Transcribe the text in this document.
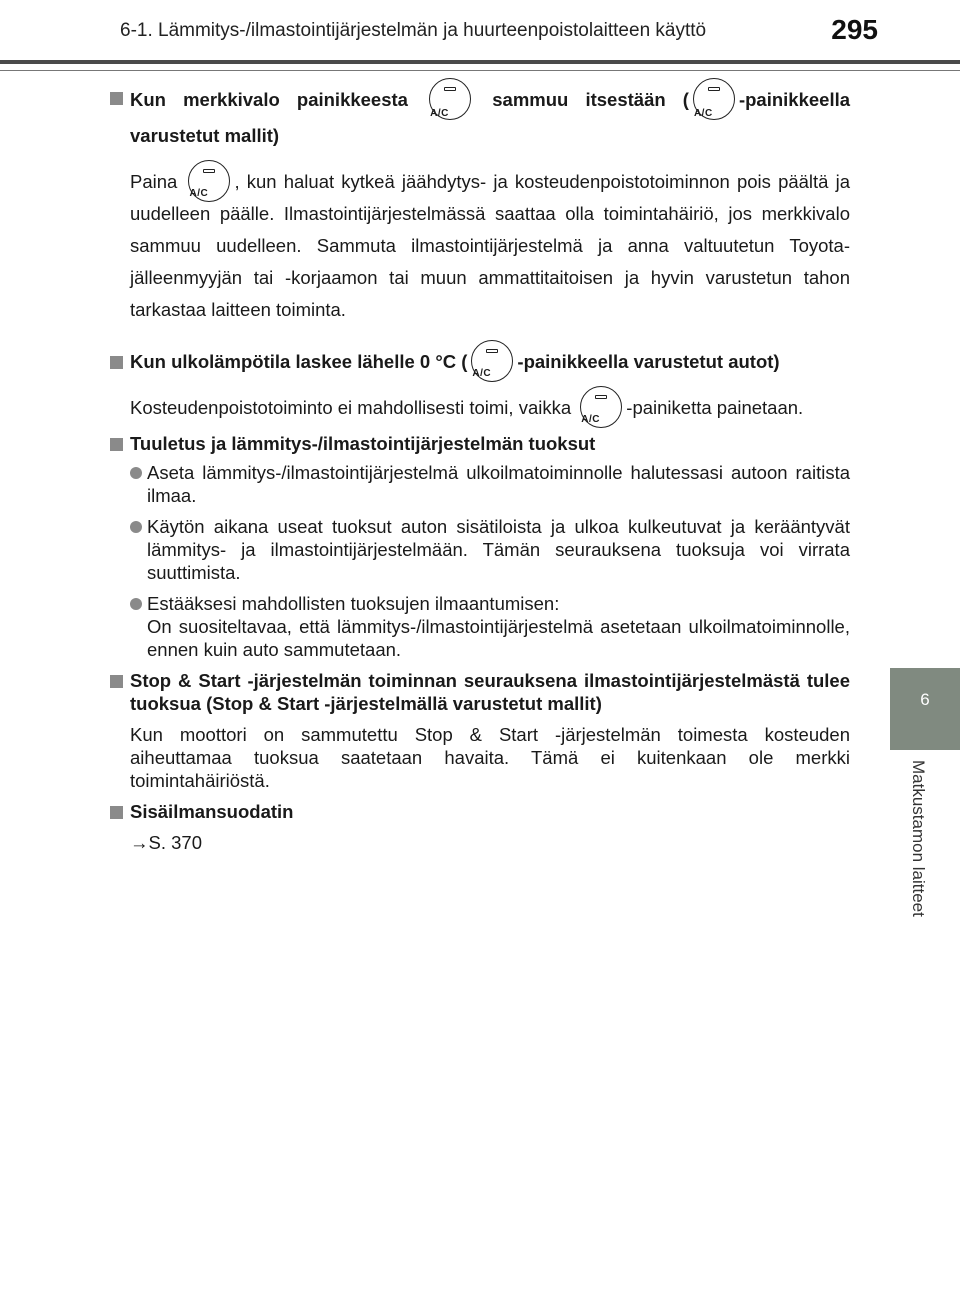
6-1. Lämmitys-/ilmastointijärjestelmän ja huurteenpoistolaitteen käyttö	295
6
Matkustamon laitteet
Kun merkkivalo painikkeesta
A/C
sammuu itsestään (
A/C
-painikkeella varustetut mallit)
Paina
A/C
, kun haluat kytkeä jäähdytys- ja kosteudenpoistotoiminnon pois päältä ja uudelleen päälle. Ilmastointijärjestelmässä saattaa olla toimintahäiriö, jos merkkivalo sammuu uudelleen. Sammuta ilmastointijärjestelmä ja anna valtuutetun Toyota-jälleenmyyjän tai -korjaamon tai muun ammattitaitoisen ja hyvin varustetun tahon tarkastaa laitteen toiminta.
Kun ulkolämpötila laskee lähelle 0 °C (
A/C
-painikkeella varustetut autot)
Kosteudenpoistotoiminto ei mahdollisesti toimi, vaikka
A/C
-painiketta painetaan.
Tuuletus ja lämmitys-/ilmastointijärjestelmän tuoksut
Aseta lämmitys-/ilmastointijärjestelmä ulkoilmatoiminnolle halutessasi autoon raitista ilmaa.
Käytön aikana useat tuoksut auton sisätiloista ja ulkoa kulkeutuvat ja kerääntyvät lämmitys- ja ilmastointijärjestelmään. Tämän seurauksena tuoksuja voi virrata suuttimista.
Estääksesi mahdollisten tuoksujen ilmaantumisen:
On suositeltavaa, että lämmitys-/ilmastointijärjestelmä asetetaan ulkoilmatoiminnolle, ennen kuin auto sammutetaan.
Stop & Start -järjestelmän toiminnan seurauksena ilmastointijärjestelmästä tulee tuoksua (Stop & Start -järjestelmällä varustetut mallit)
Kun moottori on sammutettu Stop & Start -järjestelmän toimesta kosteuden aiheuttamaa tuoksua saatetaan havaita. Tämä ei kuitenkaan ole merkki toimintahäiriöstä.
Sisäilmansuodatin
→S. 370
